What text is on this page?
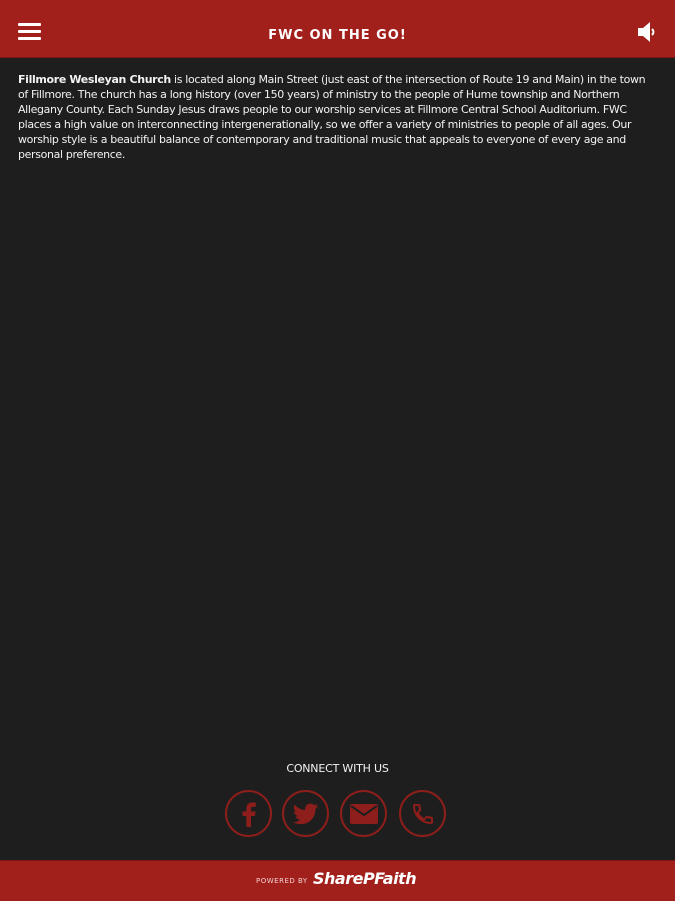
FWC ON THE GO!
Fillmore Wesleyan Church is located along Main Street (just east of the intersection of Route 19 and Main) in the town of Fillmore. The church has a long history (over 150 years) of ministry to the people of Hume township and Northern Allegany County. Each Sunday Jesus draws people to our worship services at Fillmore Central School Auditorium. FWC places a high value on interconnecting intergenerationally, so we offer a variety of ministries to people of all ages. Our worship style is a beautiful balance of contemporary and traditional music that appeals to everyone of every age and personal preference.
CONNECT WITH US
POWERED BY SharePFaith
